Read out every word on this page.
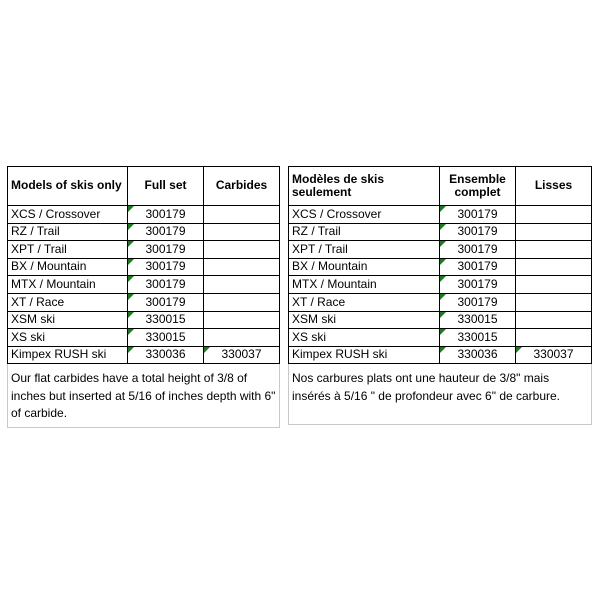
Models of skis only	Full set	Carbides
XCS / Crossover	300179	
RZ / Trail	300179	
XPT / Trail	300179	
BX / Mountain	300179	
MTX / Mountain	300179	
XT / Race	300179	
XSM ski	330015	
XS ski	330015	
Kimpex RUSH ski	330036	330037
Our flat carbides have a total height of 3/8 of inches but inserted at 5/16 of inches depth with 6" of carbide.		
Modèles de skis seulement	Ensemble complet	Lisses
XCS / Crossover	300179	
RZ / Trail	300179	
XPT / Trail	300179	
BX / Mountain	300179	
MTX / Mountain	300179	
XT / Race	300179	
XSM ski	330015	
XS ski	330015	
Kimpex RUSH ski	330036	330037
Nos carbures plats ont une hauteur de 3/8" mais insérés à 5/16 " de profondeur avec 6" de carbure.		
